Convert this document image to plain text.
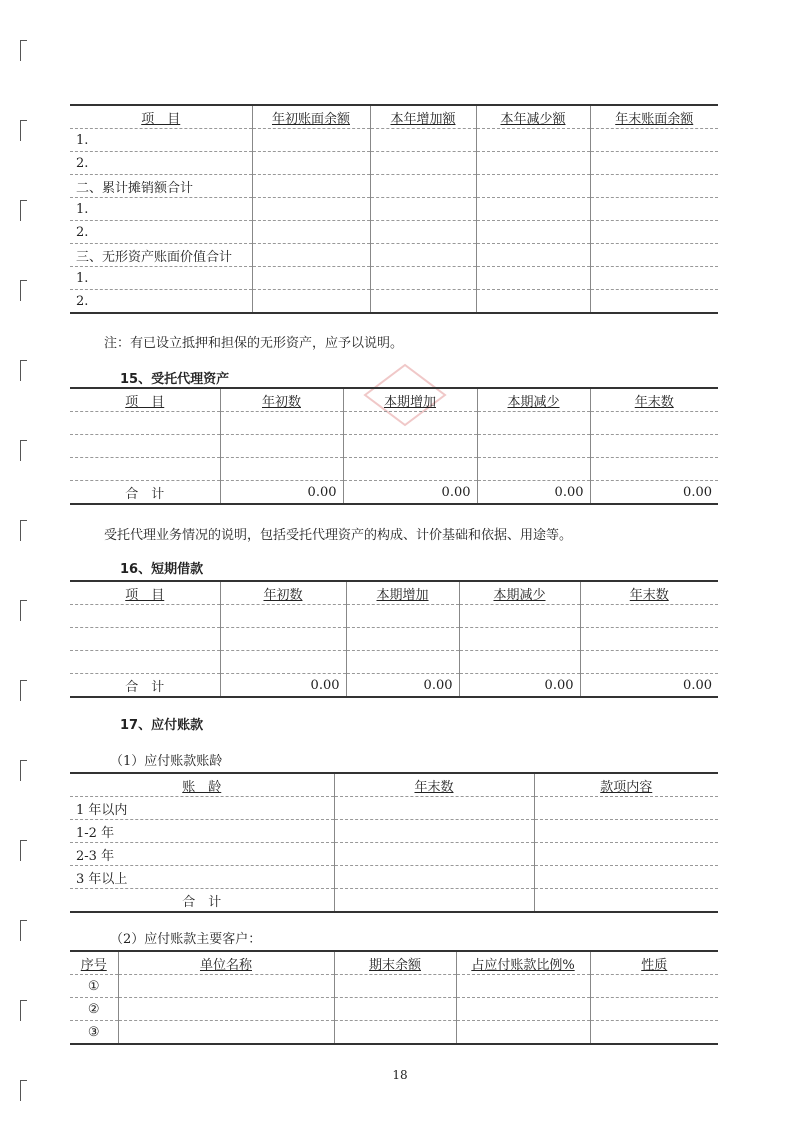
项　目	年初账面余额	本年增加额	本年减少额	年末账面余额
1.				
2.				
二、累计摊销额合计				
1.				
2.				
三、无形资产账面价值合计				
1.				
2.				
注：有已设立抵押和担保的无形资产，应予以说明。
15、受托代理资产
项　目	年初数	本期增加	本期减少	年末数

合　计	0.00	0.00	0.00	0.00
受托代理业务情况的说明，包括受托代理资产的构成、计价基础和依据、用途等。
16、短期借款
项　目	年初数	本期增加	本期减少	年末数

合　计	0.00	0.00	0.00	0.00
17、应付账款
（1）应付账款账龄
账　龄	年末数	款项内容
1 年以内		
1-2 年		
2-3 年		
3 年以上		
合　计		
（2）应付账款主要客户：
序号	单位名称	期末余额	占应付账款比例%	性质
①				
②				
③				
18
